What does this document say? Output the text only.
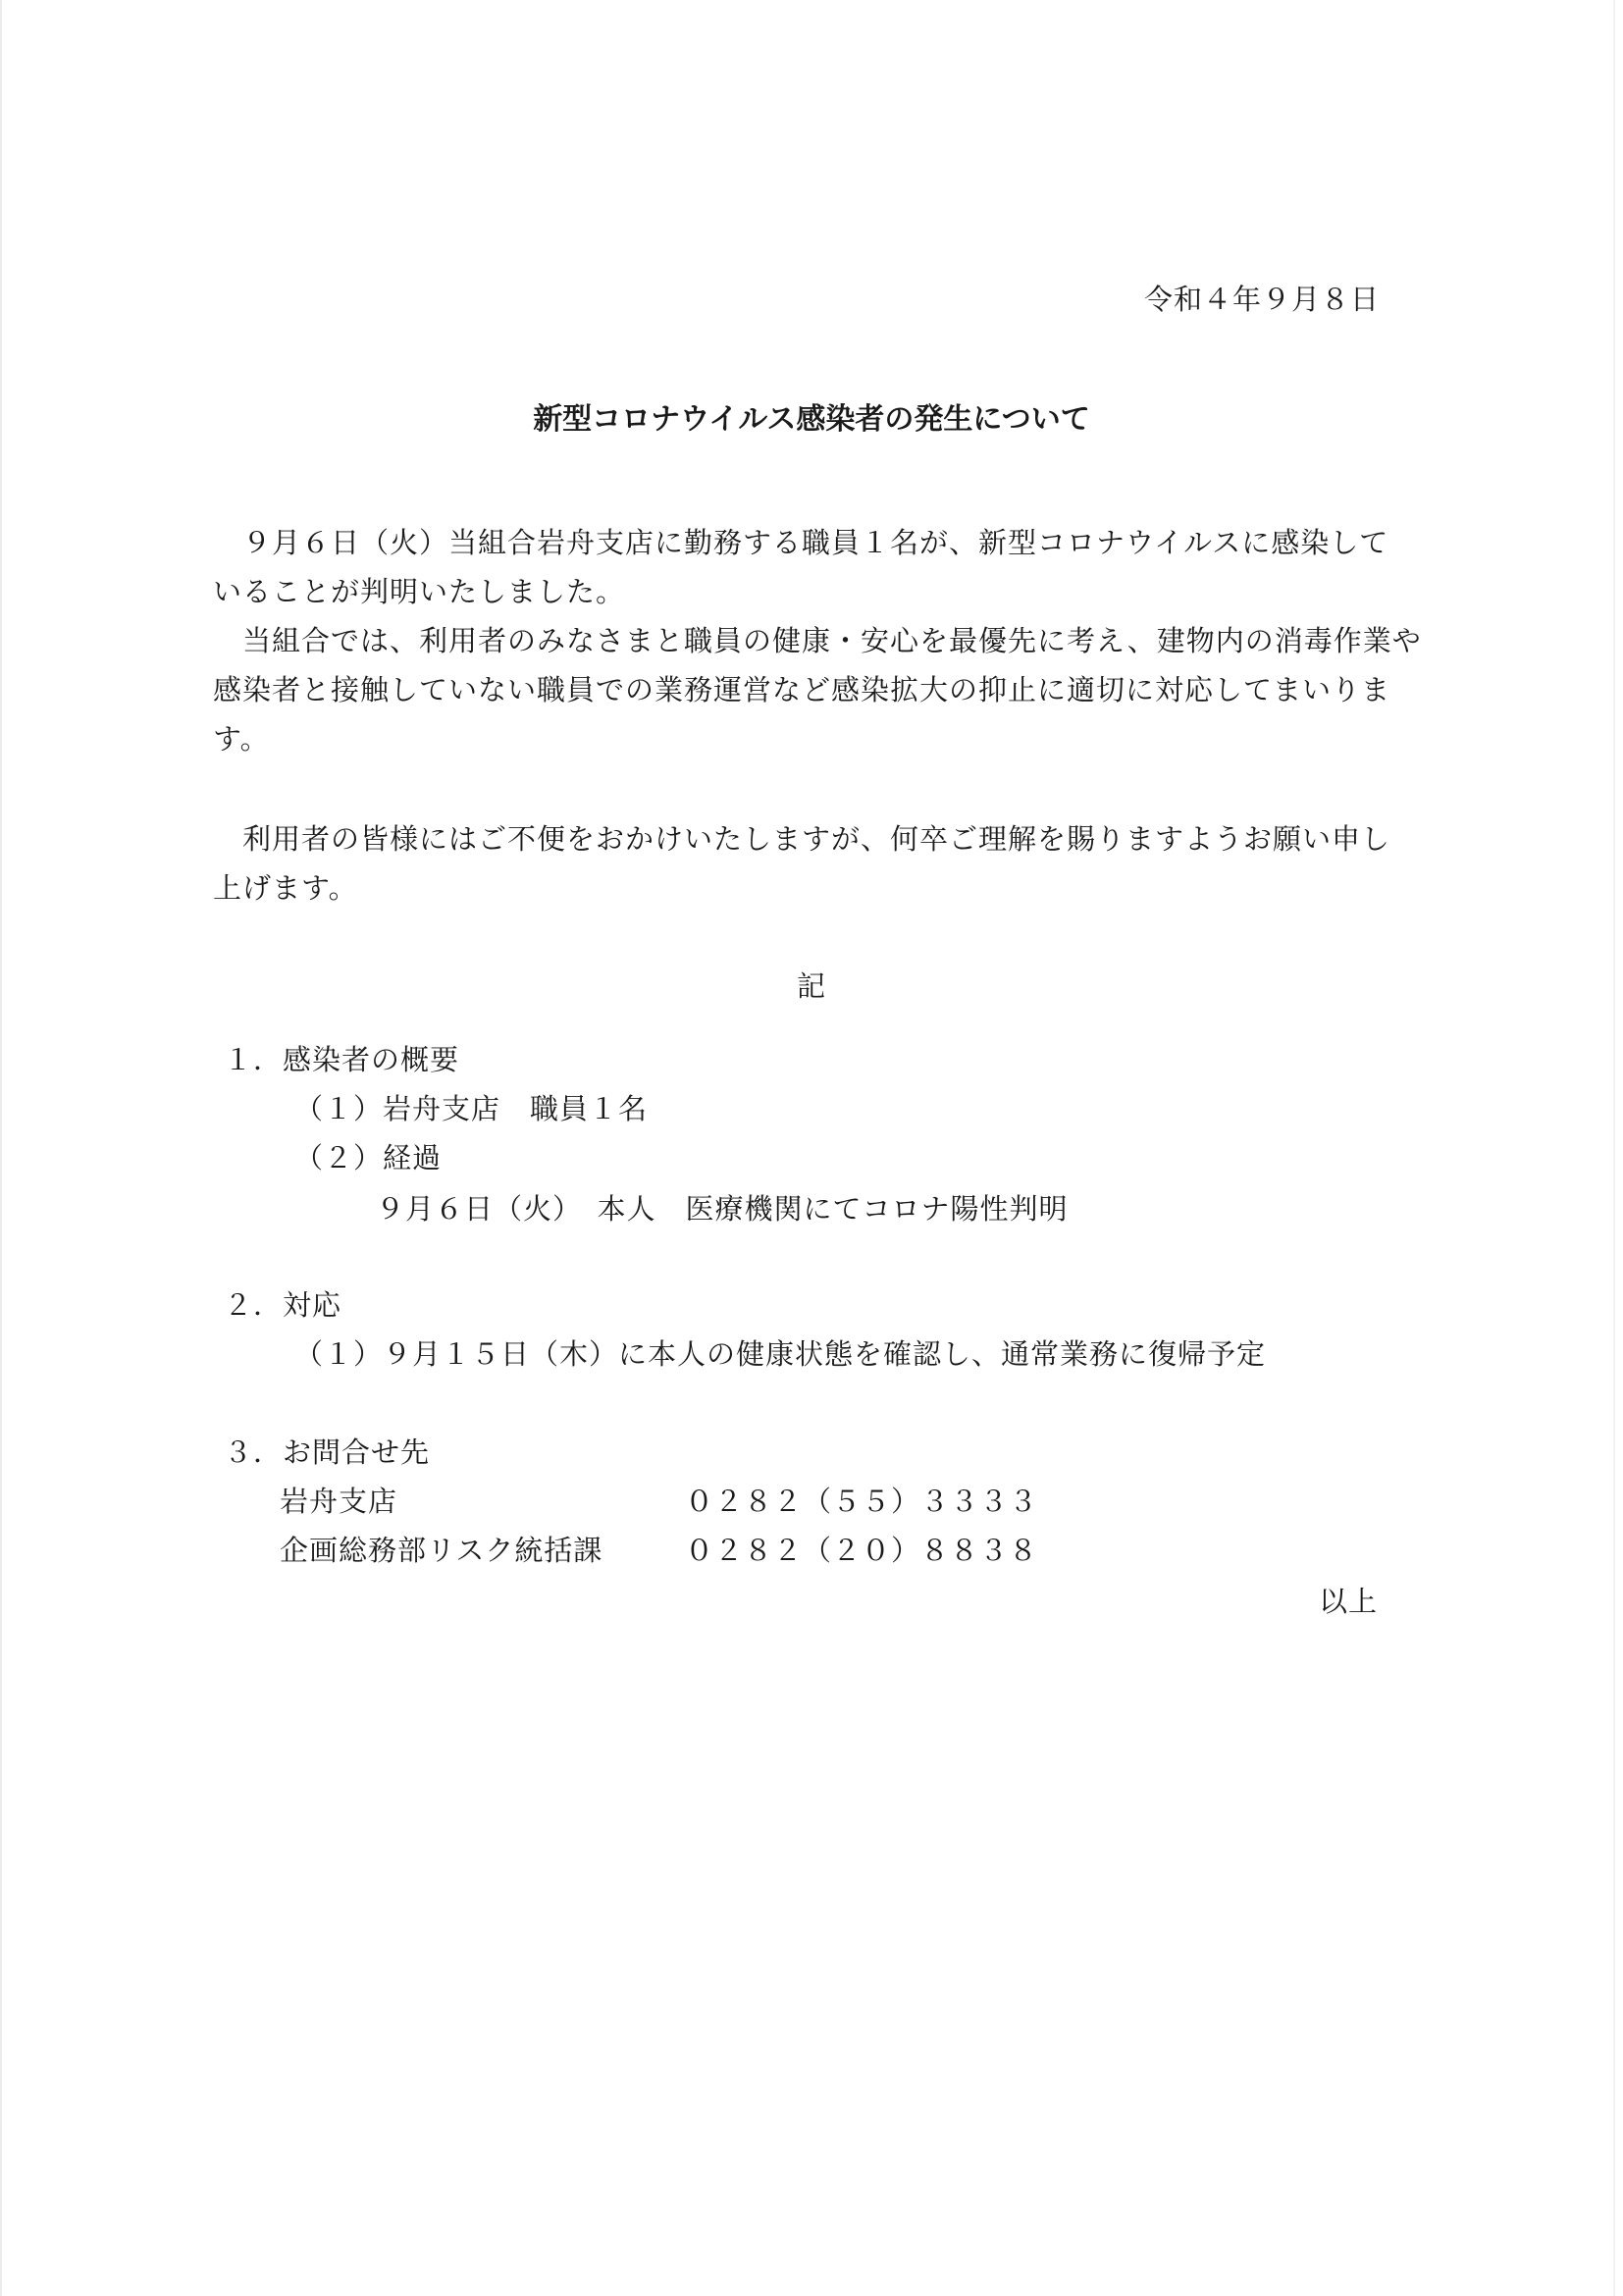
令和４年９月８日
新型コロナウイルス感染者の発生について
　９月６日（火）当組合岩舟支店に勤務する職員１名が、新型コロナウイルスに感染して
いることが判明いたしました。
　当組合では、利用者のみなさまと職員の健康・安心を最優先に考え、建物内の消毒作業や
感染者と接触していない職員での業務運営など感染拡大の抑止に適切に対応してまいりま
す。
　利用者の皆様にはご不便をおかけいたしますが、何卒ご理解を賜りますようお願い申し
上げます。
記
１．感染者の概要
（１）岩舟支店　職員１名
（２）経過
９月６日（火）　本人　医療機関にてコロナ陽性判明
２．対応
（１）９月１５日（木）に本人の健康状態を確認し、通常業務に復帰予定
３．お問合せ先
岩舟支店	０２８２（５５）３３３３
企画総務部リスク統括課	０２８２（２０）８８３８
以上
